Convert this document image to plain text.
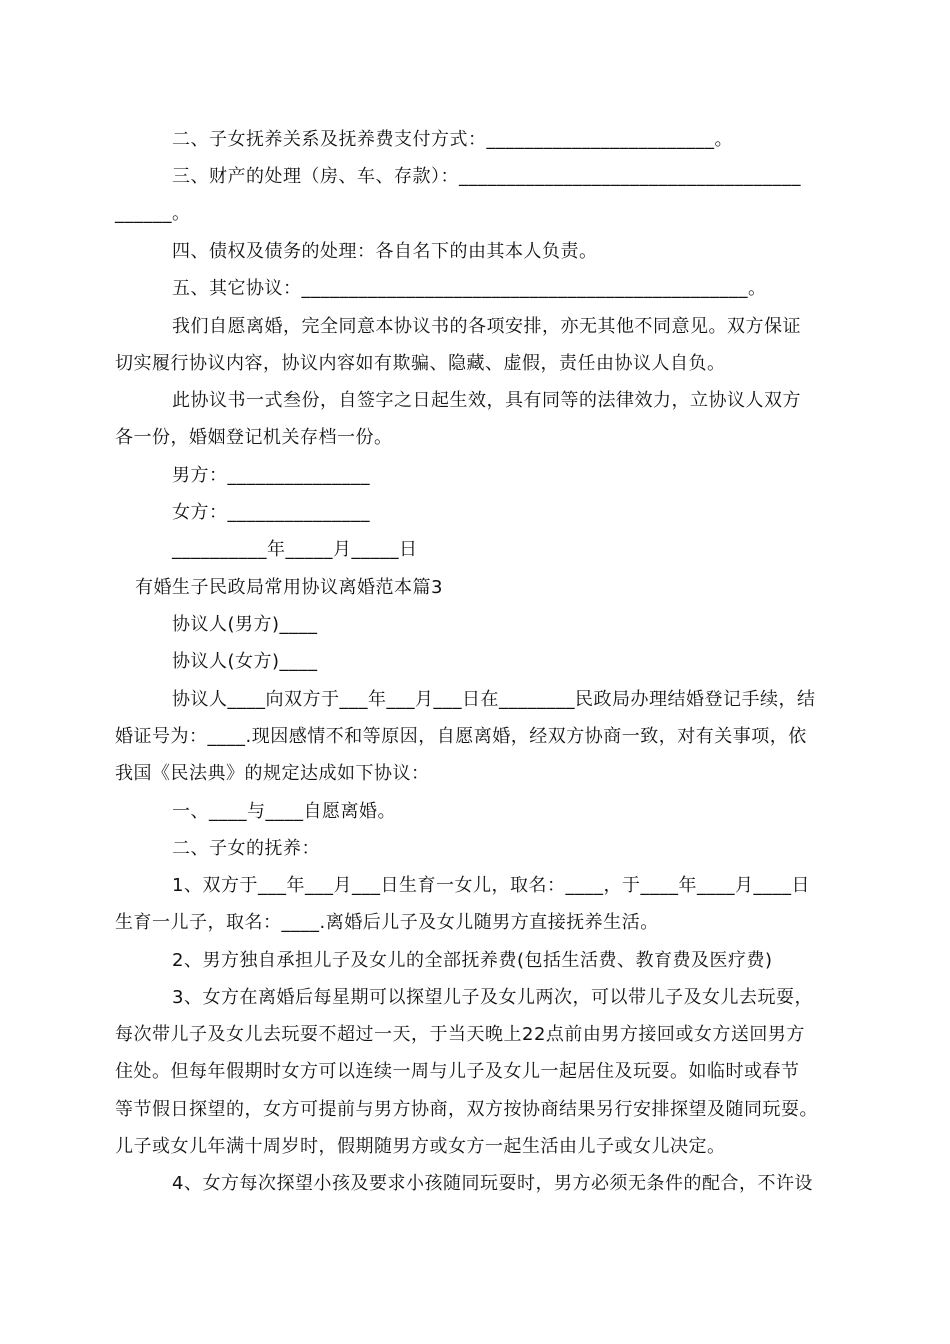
二、子女抚养关系及抚养费支付方式：________________________。
三、财产的处理（房、车、存款）：____________________________________
______。
四、债权及债务的处理：各自名下的由其本人负责。
五、其它协议：_______________________________________________。
我们自愿离婚，完全同意本协议书的各项安排，亦无其他不同意见。双方保证
切实履行协议内容，协议内容如有欺骗、隐藏、虚假，责任由协议人自负。
此协议书一式叁份，自签字之日起生效，具有同等的法律效力，立协议人双方
各一份，婚姻登记机关存档一份。
男方：_______________
女方：_______________
__________年_____月_____日
有婚生子民政局常用协议离婚范本篇3
协议人(男方)____
协议人(女方)____
协议人____向双方于___年___月___日在________民政局办理结婚登记手续，结
婚证号为：____.现因感情不和等原因，自愿离婚，经双方协商一致，对有关事项，依
我国《民法典》的规定达成如下协议：
一、____与____自愿离婚。
二、子女的抚养：
1、双方于___年___月___日生育一女儿，取名：____，于____年____月____日
生育一儿子，取名：____.离婚后儿子及女儿随男方直接抚养生活。
2、男方独自承担儿子及女儿的全部抚养费(包括生活费、教育费及医疗费)
3、女方在离婚后每星期可以探望儿子及女儿两次，可以带儿子及女儿去玩耍，
每次带儿子及女儿去玩耍不超过一天，于当天晚上22点前由男方接回或女方送回男方
住处。但每年假期时女方可以连续一周与儿子及女儿一起居住及玩耍。如临时或春节
等节假日探望的，女方可提前与男方协商，双方按协商结果另行安排探望及随同玩耍。
儿子或女儿年满十周岁时，假期随男方或女方一起生活由儿子或女儿决定。
4、女方每次探望小孩及要求小孩随同玩耍时，男方必须无条件的配合，不许设
